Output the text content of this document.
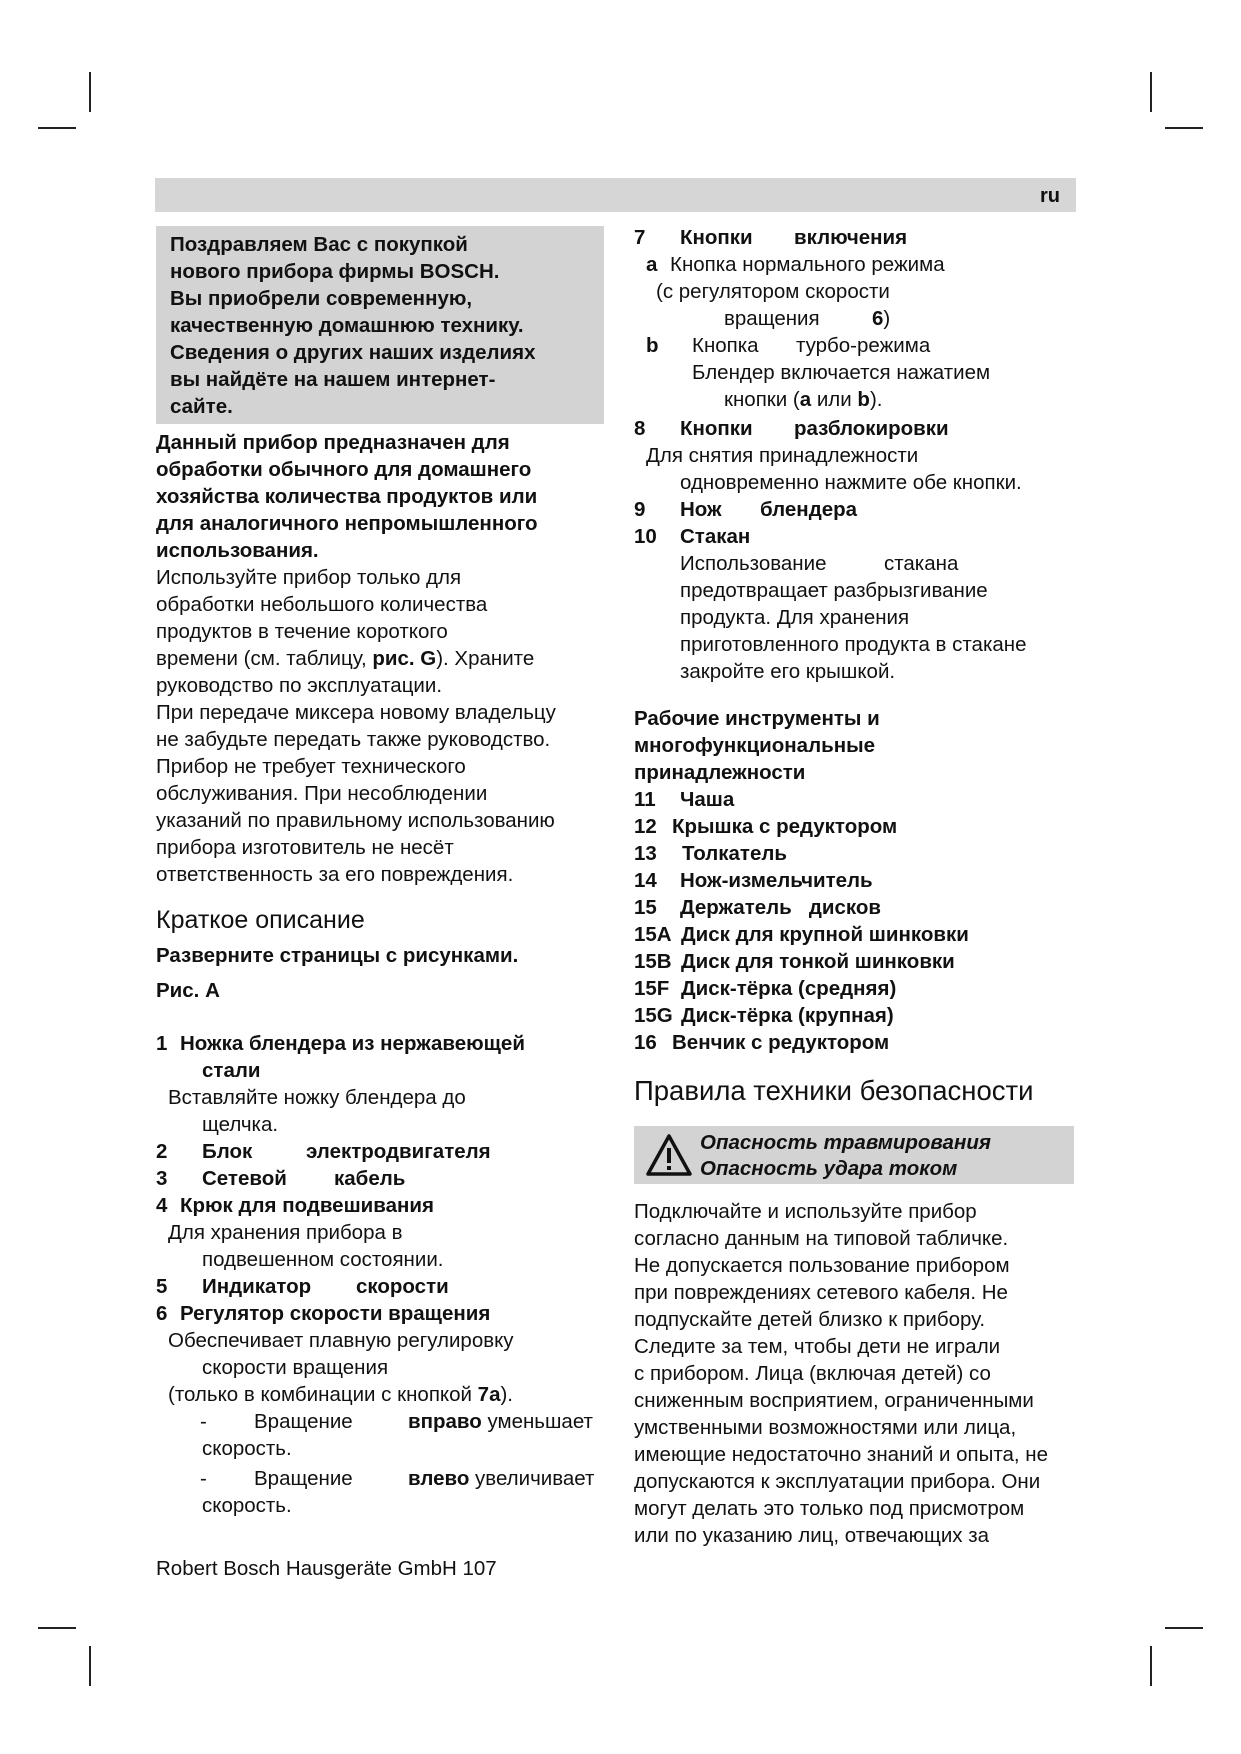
ru

Поздравляем Вас с покупкой

нового прибора фирмы BOSCH.

Вы приобрели современную,

качественную домашнюю технику.

Сведения о других наших изделиях

вы найдёте на нашем интернет-

сайте.

Данный прибор предназначен для

обработки обычного для домашнего

хозяйства количества продуктов или

для аналогичного непромышленного

использования.

Используйте прибор только для

обработки небольшого количества

продуктов в течение короткого

времени (см. таблицу, рис. G). Храните

руководство по эксплуатации.

При передаче миксера новому владельцу

не забудьте передать также руководство.

Прибор не требует технического

обслуживания. При несоблюдении

указаний по правильному использованию

прибора изготовитель не несёт

ответственность за его повреждения.

Краткое описание

Разверните страницы с рисунками.

Рис. A

1 Ножка блендера из нержавеющей

стали

Вставляйте ножку блендера до

щелчка.

2	Блок	электродвигателя
3	Сетевой	кабель
4 Крюк для подвешивания

Для хранения прибора в

подвешенном состоянии.

5	Индикатор	скорости
6 Регулятор скорости вращения

Обеспечивает плавную регулировку

скорости вращения

(только в комбинации с кнопкой 7a).

-	Вращение	вправо уменьшает

скорость.

-	Вращение	влево увеличивает

скорость.

7	Кнопки	включения
a Кнопка нормального режима

(с регулятором скорости

вращения	6)

b	Кнопка	турбо-режима

Блендер включается нажатием

кнопки (a или b).

8	Кнопки	разблокировки

Для снятия принадлежности

одновременно нажмите обе кнопки.

9	Нож	блендера
10	Стакан

Использование	стакана

предотвращает разбрызгивание

продукта. Для хранения

приготовленного продукта в стакане

закройте его крышкой.

Рабочие инструменты и

многофункциональные

принадлежности

11	Чаша
12 Крышка с редуктором
13	Толкатель
14	Нож-измельчитель
15	Держатель   дисков
15A Диск для крупной шинковки
15B Диск для тонкой шинковки
15F Диск-тёрка (средняя)
15G Диск-тёрка (крупная)
16 Венчик с редуктором

Правила техники безопасности

Опасность травмирования

Опасность удара током

Подключайте и используйте прибор

согласно данным на типовой табличке.

Не допускается пользование прибором

при повреждениях сетевого кабеля. Не

подпускайте детей близко к прибору.

Следите за тем, чтобы дети не играли

с прибором. Лица (включая детей) со

сниженным восприятием, ограниченными

умственными возможностями или лица,

имеющие недостаточно знаний и опыта, не

допускаются к эксплуатации прибора. Они

могут делать это только под присмотром

или по указанию лиц, отвечающих за

Robert Bosch Hausgeräte GmbH 107
